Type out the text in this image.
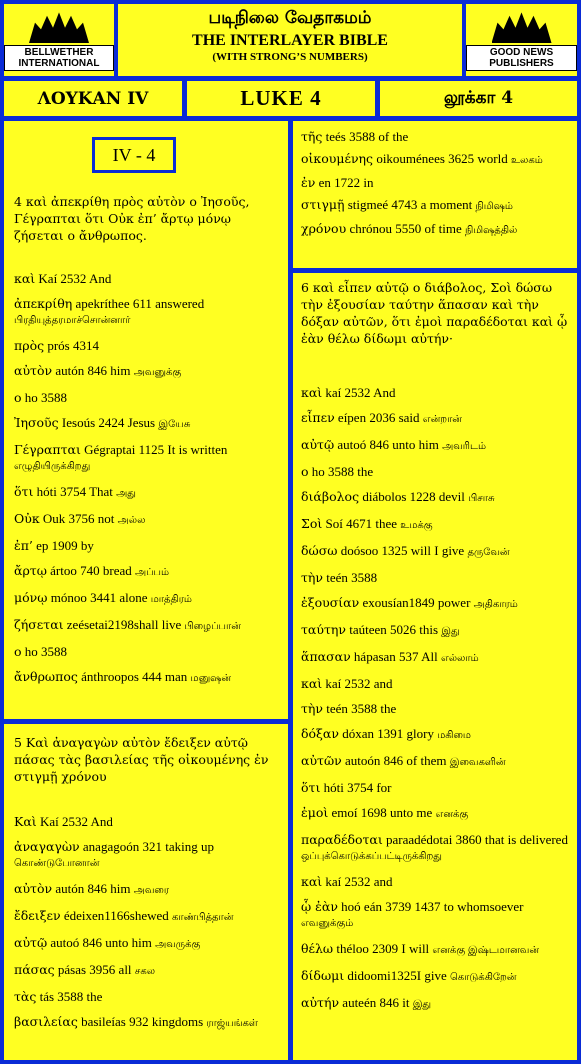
BELLWETHER INTERNATIONAL
படிநிலை வேதாகமம்
THE INTERLAYER BIBLE
(WITH STRONG’S NUMBERS)	GOOD NEWS PUBLISHERS
ΛΟΥΚΑΝ IV	LUKE 4	லூக்கா 4
IV - 4
4 καὶ ἀπεκρίθη πρὸς αὐτὸν ο Ἰησοῦς, Γέγραπται ὅτι Οὐκ ἐπ’ ἄρτῳ μόνῳ ζήσεται ο ἄνθρωπος.
καὶ Kaí 2532 And
ἀπεκρίθη apekríthee 611 answered பிரதியுத்தரமாச்சொன்னார்
πρὸς prós 4314
αὐτὸν autón 846 him அவனுக்கு
ο ho 3588
Ἰησοῦς Iesoús 2424 Jesus இயேசு
Γέγραπται Gégraptai 1125 It is written எழுதியிருக்கிறது
ὅτι hóti 3754 That அது
Οὐκ Ouk 3756 not அல்ல
ἐπ’ ep 1909 by
ἄρτῳ ártoo 740 bread அப்பம்
μόνῳ mónoo 3441 alone மாத்திரம்
ζήσεται zeésetai2198shall live பிழைப்பான்
ο ho 3588
ἄνθρωπος ánthroopos 444 man மனுஷன்
5 Καὶ ἀναγαγὼν αὐτὸν ἔδειξεν αὐτῷ πάσας τὰς βασιλείας τῆς οἰκουμένης ἐν στιγμῇ χρόνου
Καὶ Kaí 2532 And
ἀναγαγὼν anagagoón 321 taking up கொண்டுபோனான்
αὐτὸν autón 846 him அவரை
ἔδειξεν édeixen1166shewed காண்பித்தான்
αὐτῷ autoó 846 unto him அவருக்கு
πάσας pásas 3956 all சகல
τὰς tás 3588 the
βασιλείας basileías 932 kingdoms ராஜ்யங்கள்
τῆς teés 3588 of the
οἰκουμένης oikouménees 3625 world உலகம்
ἐν en 1722 in
στιγμῇ stigmeé 4743 a moment நிமிஷம்
χρόνου chrónou 5550 of time நிமிஷத்தில்
6 καὶ εἶπεν αὐτῷ ο διάβολος, Σοὶ δώσω τὴν ἐξουσίαν ταύτην ἅπασαν καὶ τὴν δόξαν αὐτῶν, ὅτι ἐμοὶ παραδέδοται καὶ ᾧ ἐὰν θέλω δίδωμι αὐτήν·
καὶ kaí 2532 And
εἶπεν eípen 2036 said என்றான்
αὐτῷ autoó 846 unto him அவரிடம்
ο ho 3588 the
διάβολος diábolos 1228 devil பிசாசு
Σοὶ Soí 4671 thee உமக்கு
δώσω doósoo 1325 will I give தருவேன்
τὴν teén 3588
ἐξουσίαν exousían1849 power அதிகாரம்
ταύτην taúteen 5026 this இது
ἅπασαν hápasan 537 All எல்லாம்
καὶ kaí 2532 and
τὴν teén 3588 the
δόξαν dóxan 1391 glory மகிமை
αὐτῶν autoón 846 of them இவைகளின்
ὅτι hóti 3754 for
ἐμοὶ emoí 1698 unto me எனக்கு
παραδέδοται paraadédotai 3860 that is delivered ஒப்புக்கொடுக்கப்பட்டிருக்கிறது
καὶ kaí 2532 and
ᾧ ἐὰν hoó eán 3739 1437 to whomsoever எவனுக்கும்
θέλω théloo 2309 I will எனக்கு இஷ்டமானவன்
δίδωμι didoomi1325I give கொடுக்கிறேன்
αὐτήν auteén 846 it இது
